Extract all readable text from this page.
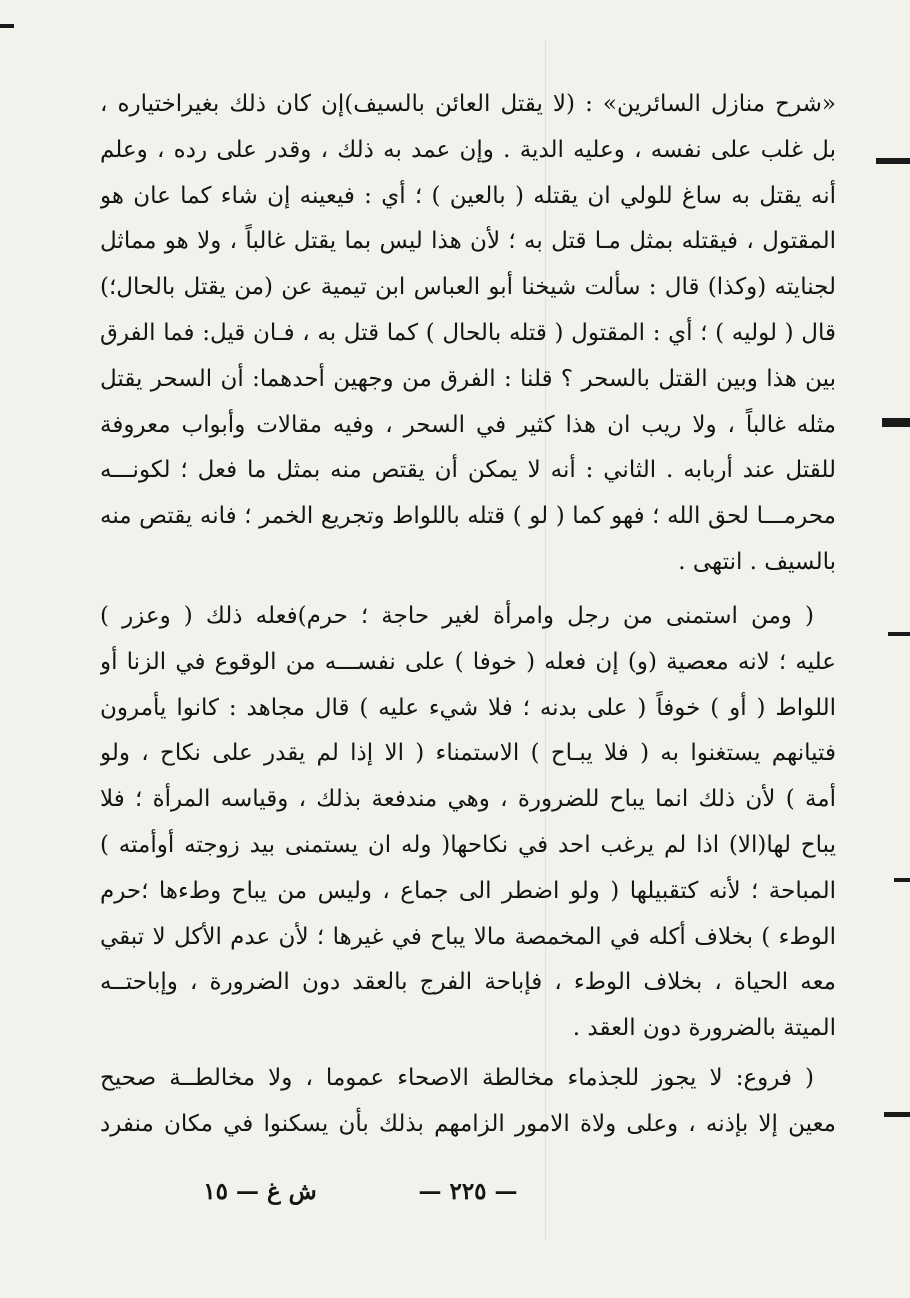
«شرح منازل السائرين» : (لا يقتل العائن بالسيف)إن كان ذلك بغيراختياره ،
بل غلب على نفسه ، وعليه الدية . وإن عمد به ذلك ، وقدر على رده ، وعلم
أنه يقتل به ساغ للولي ان يقتله ( بالعين ) ؛ أي : فيعينه إن شاء كما عان هو
المقتول ، فيقتله بمثل مـا قتل به ؛ لأن هذا ليس بما يقتل غالباً ، ولا هو مماثل
لجنايته (وكذا) قال : سألت شيخنا أبو العباس ابن تيمية عن (من يقتل بالحال؛)
قال ( لوليه ) ؛ أي : المقتول ( قتله بالحال ) كما قتل به ، فـان قيل: فما الفرق
بين هذا وبين القتل بالسحر ؟ قلنا : الفرق من وجهين أحدهما: أن السحر يقتل
مثله غالباً ، ولا ريب ان هذا كثير في السحر ، وفيه مقالات وأبواب معروفة
للقتل عند أربابه . الثاني : أنه لا يمكن أن يقتص منه بمثل ما فعل ؛ لكونـــه
محرمـــا لحق الله ؛ فهو كما ( لو ) قتله باللواط وتجريع الخمر ؛ فانه يقتص منه
بالسيف . انتهى .
( ومن استمنى من رجل وامرأة لغير حاجة ؛ حرم)فعله ذلك ( وعزر )
عليه ؛ لانه معصية (و) إن فعله ( خوفا ) على نفســـه من الوقوع في الزنا أو
اللواط ( أو ) خوفاً ( على بدنه ؛ فلا شيء عليه ) قال مجاهد : كانوا يأمرون
فتيانهم يستغنوا به ( فلا يبـاح ) الاستمناء ( الا إذا لم يقدر على نكاح ، ولو
أمة ) لأن ذلك انما يباح للضرورة ، وهي مندفعة بذلك ، وقياسه المرأة ؛ فلا
يباح لها(الا) اذا لم يرغب احد في نكاحها( وله ان يستمنى بيد زوجته أوأمته )
المباحة ؛ لأنه كتقبيلها ( ولو اضطر الى جماع ، وليس من يباح وطءها ؛حرم
الوطء ) بخلاف أكله في المخمصة مالا يباح في غيرها ؛ لأن عدم الأكل لا تبقي
معه الحياة ، بخلاف الوطء ، فإباحة الفرج بالعقد دون الضرورة ، وإباحتــه
الميتة بالضرورة دون العقد .
( فروع: لا يجوز للجذماء مخالطة الاصحاء عموما ، ولا مخالطــة صحيح
معين إلا بإذنه ، وعلى ولاة الامور الزامهم بذلك بأن يسكنوا في مكان منفرد
— ٢٢٥ —
ش غ — ١٥
